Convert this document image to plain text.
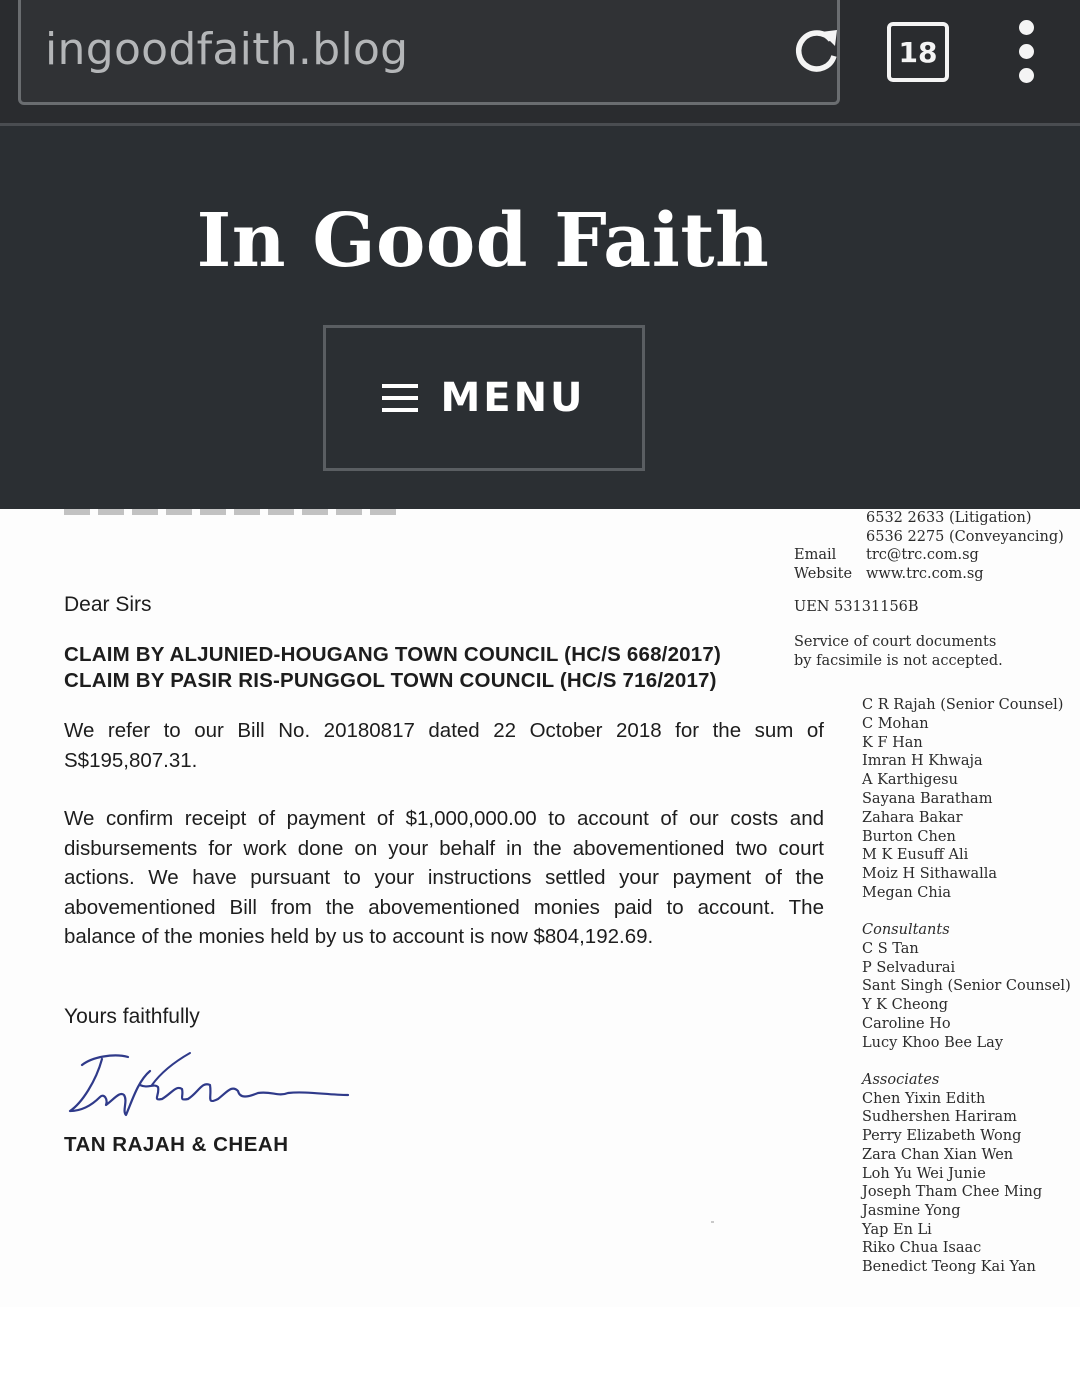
ingoodfaith.blog	18
In Good Faith
MENU
6532 2633 (Litigation)
6536 2275 (Conveyancing)
Email
Website
trc@trc.com.sg
www.trc.com.sg
UEN 53131156B
Service of court documents
by facsimile is not accepted.
C R Rajah (Senior Counsel)
C Mohan
K F Han
Imran H Khwaja
A Karthigesu
Sayana Baratham
Zahara Bakar
Burton Chen
M K Eusuff Ali
Moiz H Sithawalla
Megan Chia
Consultants
C S Tan
P Selvadurai
Sant Singh (Senior Counsel)
Y K Cheong
Caroline Ho
Lucy Khoo Bee Lay
Associates
Chen Yixin Edith
Sudhershen Hariram
Perry Elizabeth Wong
Zara Chan Xian Wen
Loh Yu Wei Junie
Joseph Tham Chee Ming
Jasmine Yong
Yap En Li
Riko Chua Isaac
Benedict Teong Kai Yan
Dear Sirs
CLAIM BY ALJUNIED-HOUGANG TOWN COUNCIL (HC/S 668/2017)
CLAIM BY PASIR RIS-PUNGGOL TOWN COUNCIL (HC/S 716/2017)
We refer to our Bill No. 20180817 dated 22 October 2018 for the sum of S$195,807.31.
We confirm receipt of payment of $1,000,000.00 to account of our costs and disbursements for work done on your behalf in the abovementioned two court actions. We have pursuant to your instructions settled your payment of the abovementioned Bill from the abovementioned monies paid to account. The balance of the monies held by us to account is now $804,192.69.
Yours faithfully
TAN RAJAH & CHEAH
